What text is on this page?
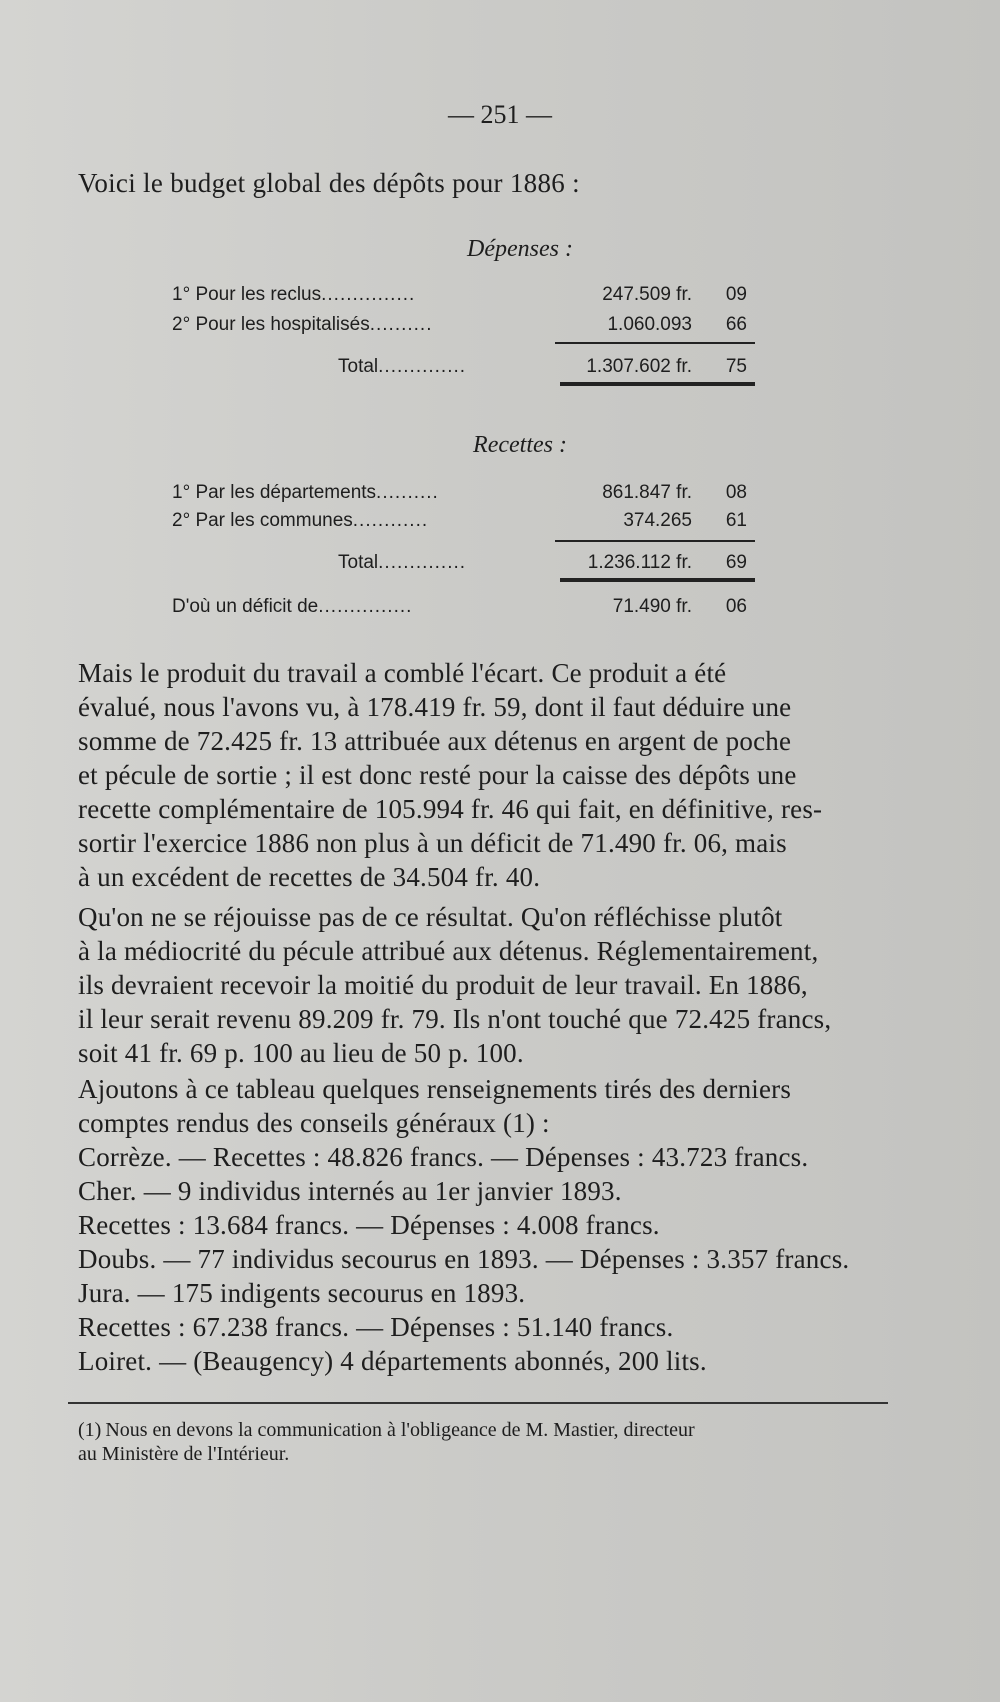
— 251 —
Voici le budget global des dépôts pour 1886 :
Dépenses :
1° Pour les reclus...............	247.509 fr.	09
2° Pour les hospitalisés..........	1.060.093	66
Total..............	1.307.602 fr.	75
Recettes :
1° Par les départements..........	861.847 fr.	08
2° Par les communes............	374.265	61
Total..............	1.236.112 fr.	69
D'où un déficit de...............	71.490 fr.	06
Mais le produit du travail a comblé l'écart. Ce produit a été
évalué, nous l'avons vu, à 178.419 fr. 59, dont il faut déduire une
somme de 72.425 fr. 13 attribuée aux détenus en argent de poche
et pécule de sortie ; il est donc resté pour la caisse des dépôts une
recette complémentaire de 105.994 fr. 46 qui fait, en définitive, res-
sortir l'exercice 1886 non plus à un déficit de 71.490 fr. 06, mais
à un excédent de recettes de 34.504 fr. 40.
Qu'on ne se réjouisse pas de ce résultat. Qu'on réfléchisse plutôt
à la médiocrité du pécule attribué aux détenus. Réglementairement,
ils devraient recevoir la moitié du produit de leur travail. En 1886,
il leur serait revenu 89.209 fr. 79. Ils n'ont touché que 72.425 francs,
soit 41 fr. 69 p. 100 au lieu de 50 p. 100.
Ajoutons à ce tableau quelques renseignements tirés des derniers
comptes rendus des conseils généraux (1) :
Corrèze. — Recettes : 48.826 francs. — Dépenses : 43.723 francs.
Cher. — 9 individus internés au 1er janvier 1893.
Recettes : 13.684 francs. — Dépenses : 4.008 francs.
Doubs. — 77 individus secourus en 1893. — Dépenses : 3.357 francs.
Jura. — 175 indigents secourus en 1893.
Recettes : 67.238 francs. — Dépenses : 51.140 francs.
Loiret. — (Beaugency) 4 départements abonnés, 200 lits.
(1) Nous en devons la communication à l'obligeance de M. Mastier, directeur
au Ministère de l'Intérieur.
